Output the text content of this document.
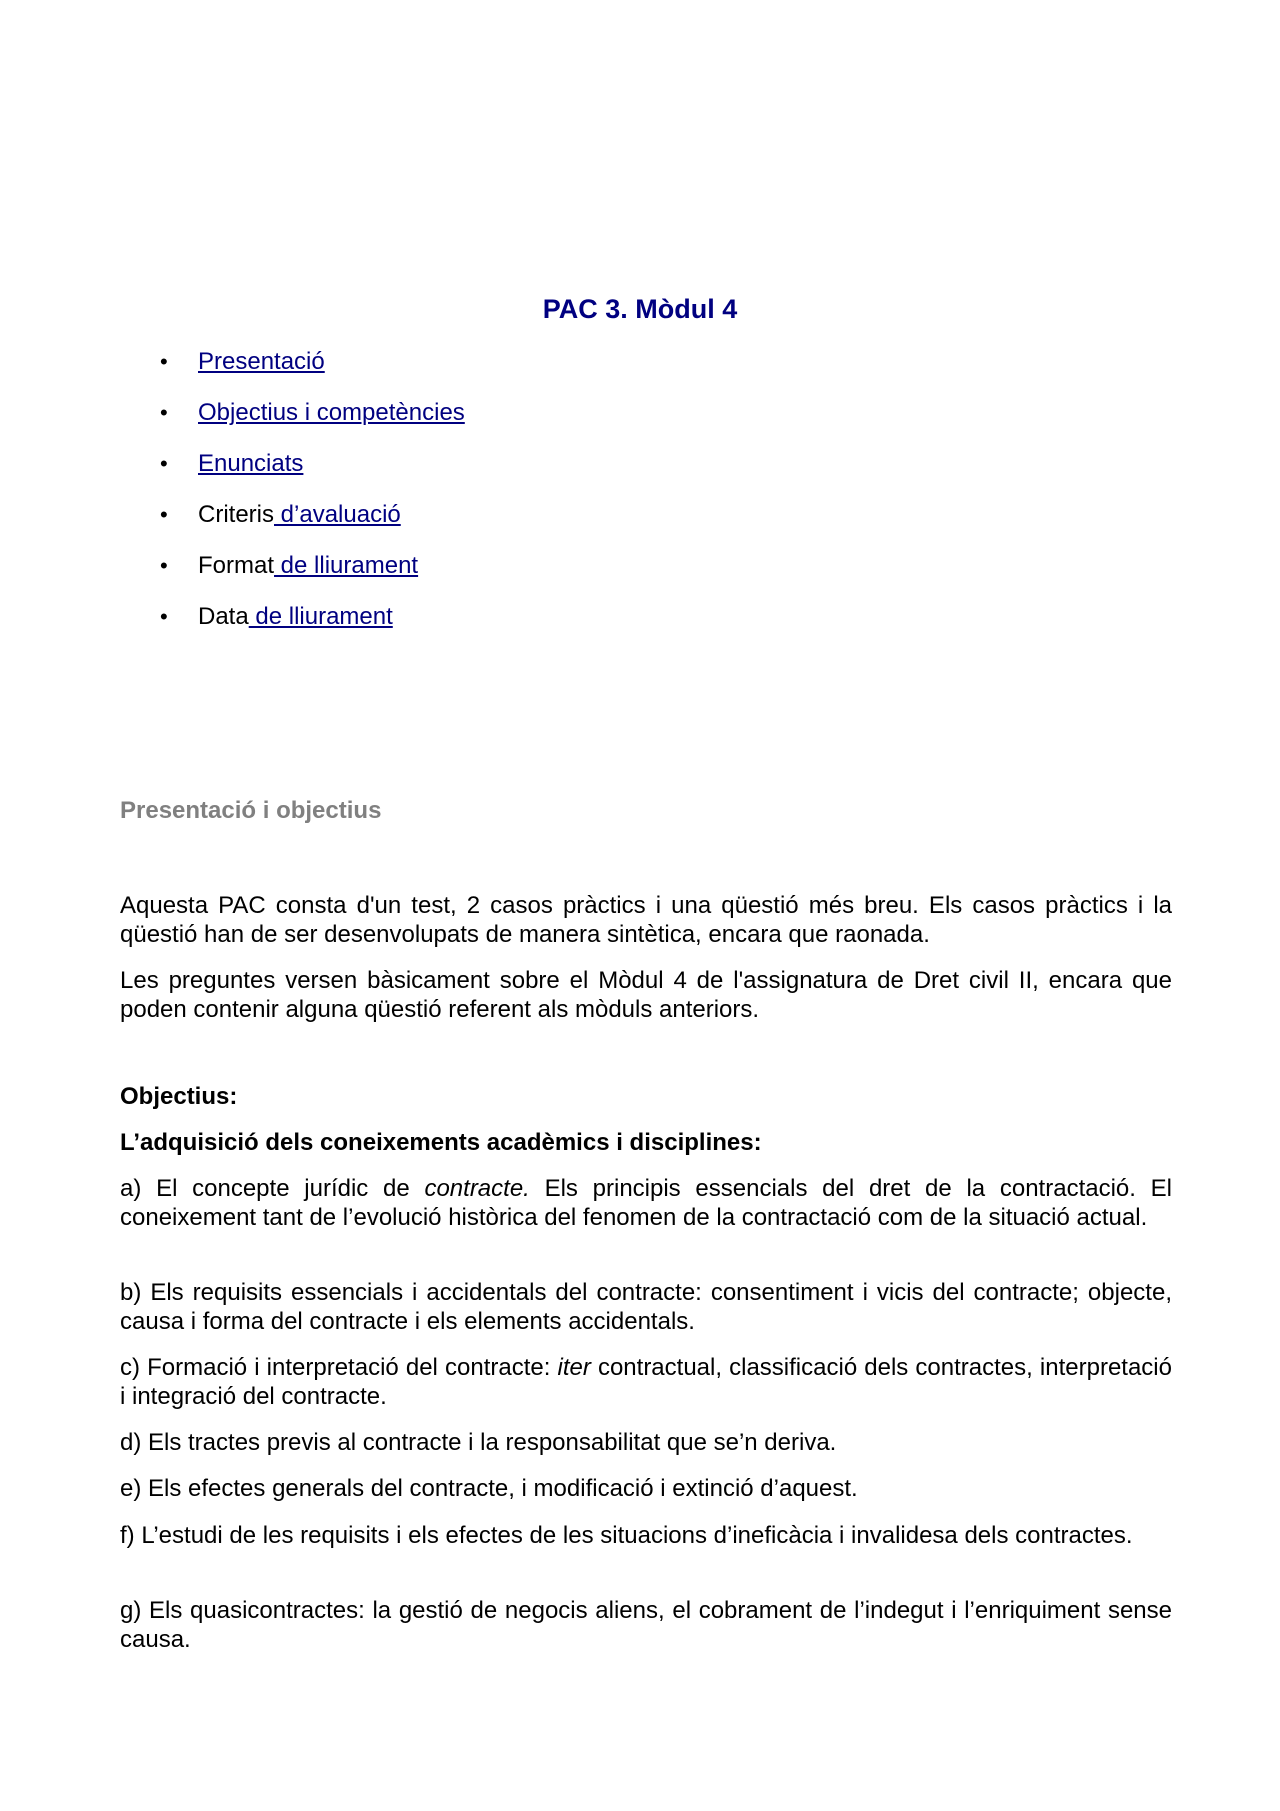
PAC 3. Mòdul 4
• Presentació
• Objectius i competències
• Enunciats
• Criteris d’avaluació
• Format de lliurament
• Data de lliurament
Presentació i objectius

Aquesta PAC consta d'un test, 2 casos pràctics i una qüestió més breu. Els casos pràctics i la qüestió han de ser desenvolupats de manera sintètica, encara que raonada.

Les preguntes versen bàsicament sobre el Mòdul 4 de l'assignatura de Dret civil II, encara que poden contenir alguna qüestió referent als mòduls anteriors.

Objectius:

L’adquisició dels coneixements acadèmics i disciplines:

a) El concepte jurídic de contracte. Els principis essencials del dret de la contractació. El coneixement tant de l’evolució històrica del fenomen de la contractació com de la situació actual.

b) Els requisits essencials i accidentals del contracte: consentiment i vicis del contracte; objecte, causa i forma del contracte i els elements accidentals.

c) Formació i interpretació del contracte: iter contractual, classificació dels contractes, interpretació i integració del contracte.

d) Els tractes previs al contracte i la responsabilitat que se’n deriva.

e) Els efectes generals del contracte, i modificació i extinció d’aquest.

f) L’estudi de les requisits i els efectes de les situacions d’ineficàcia i invalidesa dels contractes.

g) Els quasicontractes: la gestió de negocis aliens, el cobrament de l’indegut i l’enriquiment sense causa.
